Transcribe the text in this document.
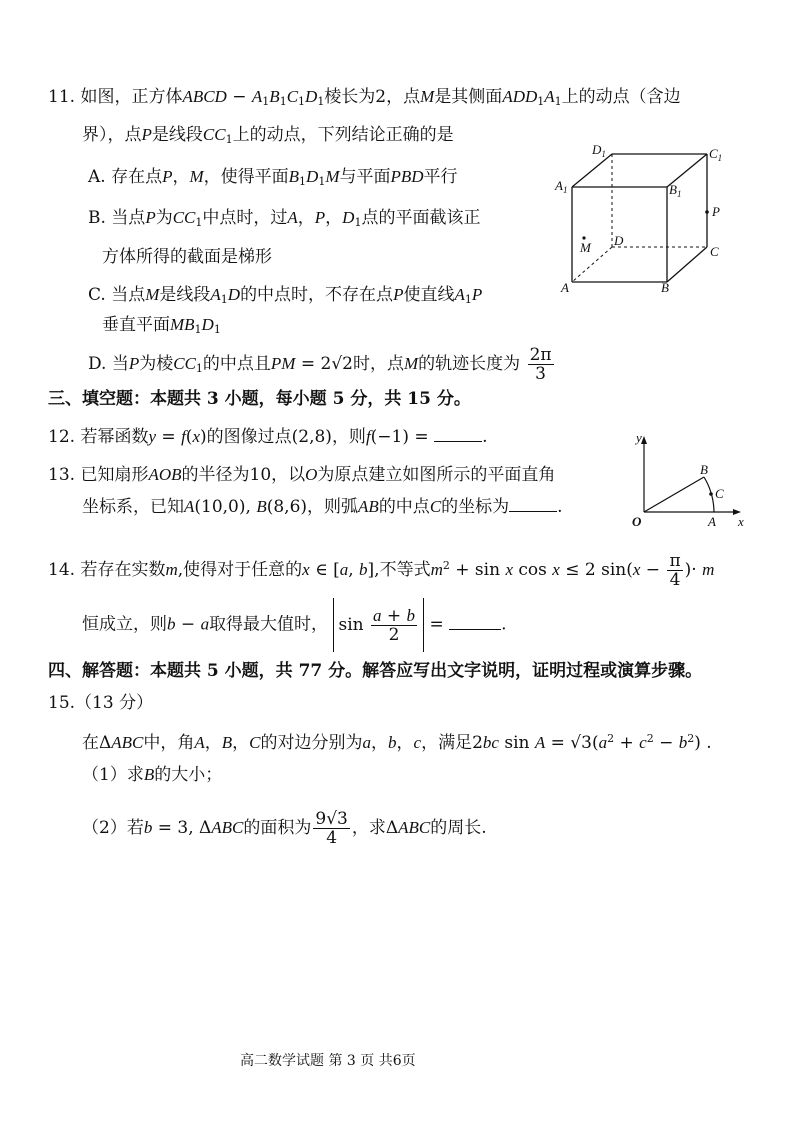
11. 如图，正方体ABCD − $A_1B_1C_1D_1$棱长为2，点M是其侧面$ADD_1A_1$上的动点（含边
界），点P是线段$CC_1$上的动点，下列结论正确的是
A. 存在点P，M，使得平面$B_1D_1M$与平面PBD平行
B. 当点P为$CC_1$中点时，过A，P，$D_1$点的平面截该正
方体所得的截面是梯形
C. 当点M是线段$A_1D$的中点时，不存在点P使直线$A_1P$
垂直平面$MB_1D_1$
D. 当P为棱$CC_1$的中点且PM = 2√2时，点M的轨迹长度为 $\frac{2\pi}{3}$
$D_1$	$C_1$
$A_1$	$B_1$
P
M D
C
A	B
三、填空题：本题共 3 小题，每小题 5 分，共 15 分。
12. 若幂函数y = f(x)的图像过点(2,8)，则f(−1) =	.
13. 已知扇形AOB的半径为10，以O为原点建立如图所示的平面直角
坐标系，已知A(10,0), B(8,6)，则弧AB的中点C的坐标为	.
y
B
C
O	A x
14. 若存在实数m,使得对于任意的x ∈ [a, b],不等式$m^2 + \sin x$ cos x ≤ 2 $\sin(x - \frac{\pi}{4}$ )· m
恒成立，则b − a取得最大值时， $\sin \frac{a + b}{2}$ =	.
四、解答题：本题共 5 小题，共 77 分。解答应写出文字说明，证明过程或演算步骤。
15.（13 分）
在ΔABC中，角A，B，C的对边分别为a，b，c，满足2bc $\sin A = √3(a^2 + c^2 - b^2)$ .
（1）求B的大小；
（2）若b = 3, ΔABC的面积为 $\frac{9√3}{4}$ ，求ΔABC的周长.
高二数学试题 第 3 页 共6页
